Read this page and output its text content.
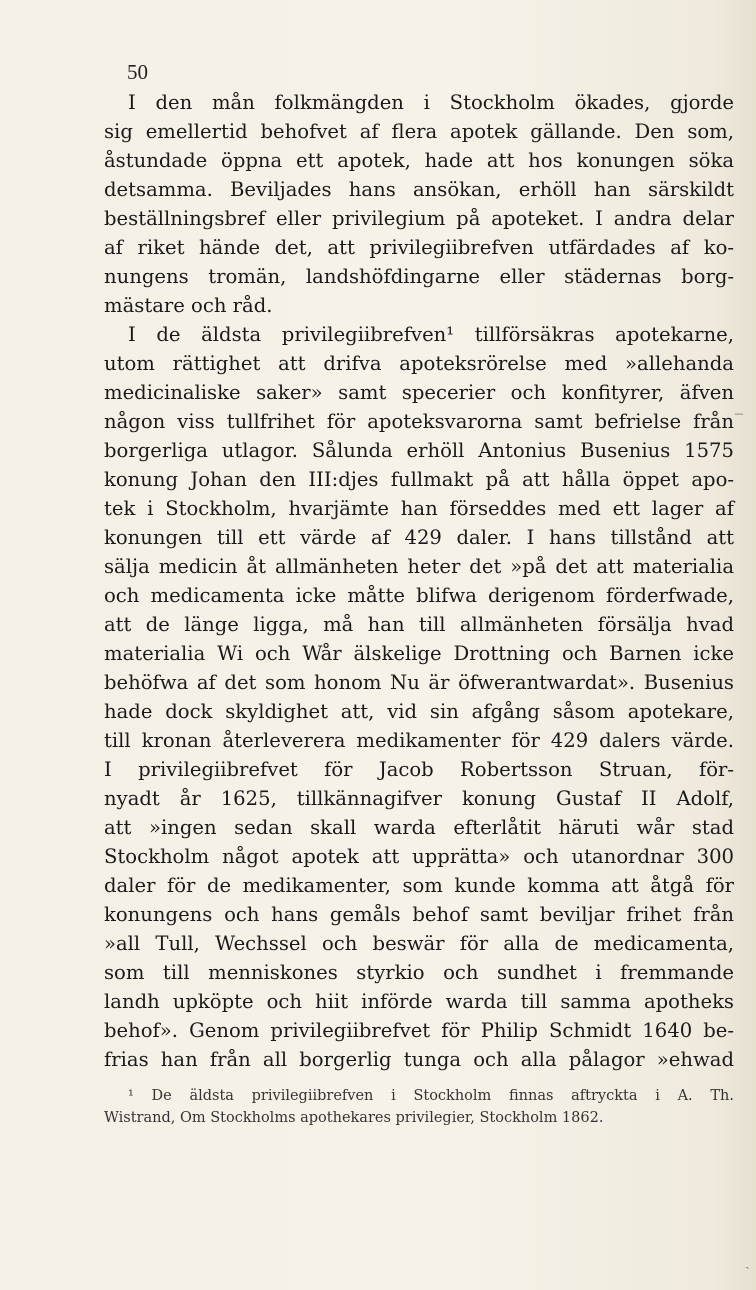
50
I den mån folkmängden i Stockholm ökades, gjorde
sig emellertid behofvet af flera apotek gällande. Den som,
åstundade öppna ett apotek, hade att hos konungen söka
detsamma. Beviljades hans ansökan, erhöll han särskildt
beställningsbref eller privilegium på apoteket. I andra delar
af riket hände det, att privilegiibrefven utfärdades af ko-
nungens tromän, landshöfdingarne eller städernas borg-
mästare och råd.
I de äldsta privilegiibrefven¹ tillförsäkras apotekarne,
utom rättighet att drifva apoteksrörelse med »allehanda
medicinaliske saker» samt specerier och konfityrer, äfven
någon viss tullfrihet för apoteksvarorna samt befrielse från
borgerliga utlagor. Sålunda erhöll Antonius Busenius 1575
konung Johan den III:djes fullmakt på att hålla öppet apo-
tek i Stockholm, hvarjämte han förseddes med ett lager af
konungen till ett värde af 429 daler. I hans tillstånd att
sälja medicin åt allmänheten heter det »på det att materialia
och medicamenta icke måtte blifwa derigenom förderfwade,
att de länge ligga, må han till allmänheten försälja hvad
materialia Wi och Wår älskelige Drottning och Barnen icke
behöfwa af det som honom Nu är öfwerantwardat». Busenius
hade dock skyldighet att, vid sin afgång såsom apotekare,
till kronan återleverera medikamenter för 429 dalers värde.
I privilegiibrefvet för Jacob Robertsson Struan, för-
nyadt år 1625, tillkännagifver konung Gustaf II Adolf,
att »ingen sedan skall warda efterlåtit häruti wår stad
Stockholm något apotek att upprätta» och utanordnar 300
daler för de medikamenter, som kunde komma att åtgå för
konungens och hans gemåls behof samt beviljar frihet från
»all Tull, Wechssel och beswär för alla de medicamenta,
som till menniskones styrkio och sundhet i fremmande
landh upköpte och hiit införde warda till samma apotheks
behof». Genom privilegiibrefvet för Philip Schmidt 1640 be-
frias han från all borgerlig tunga och alla pålagor »ehwad
¹ De äldsta privilegiibrefven i Stockholm finnas aftryckta i A. Th.
Wistrand, Om Stockholms apothekares privilegier, Stockholm 1862.
–
ˎ
